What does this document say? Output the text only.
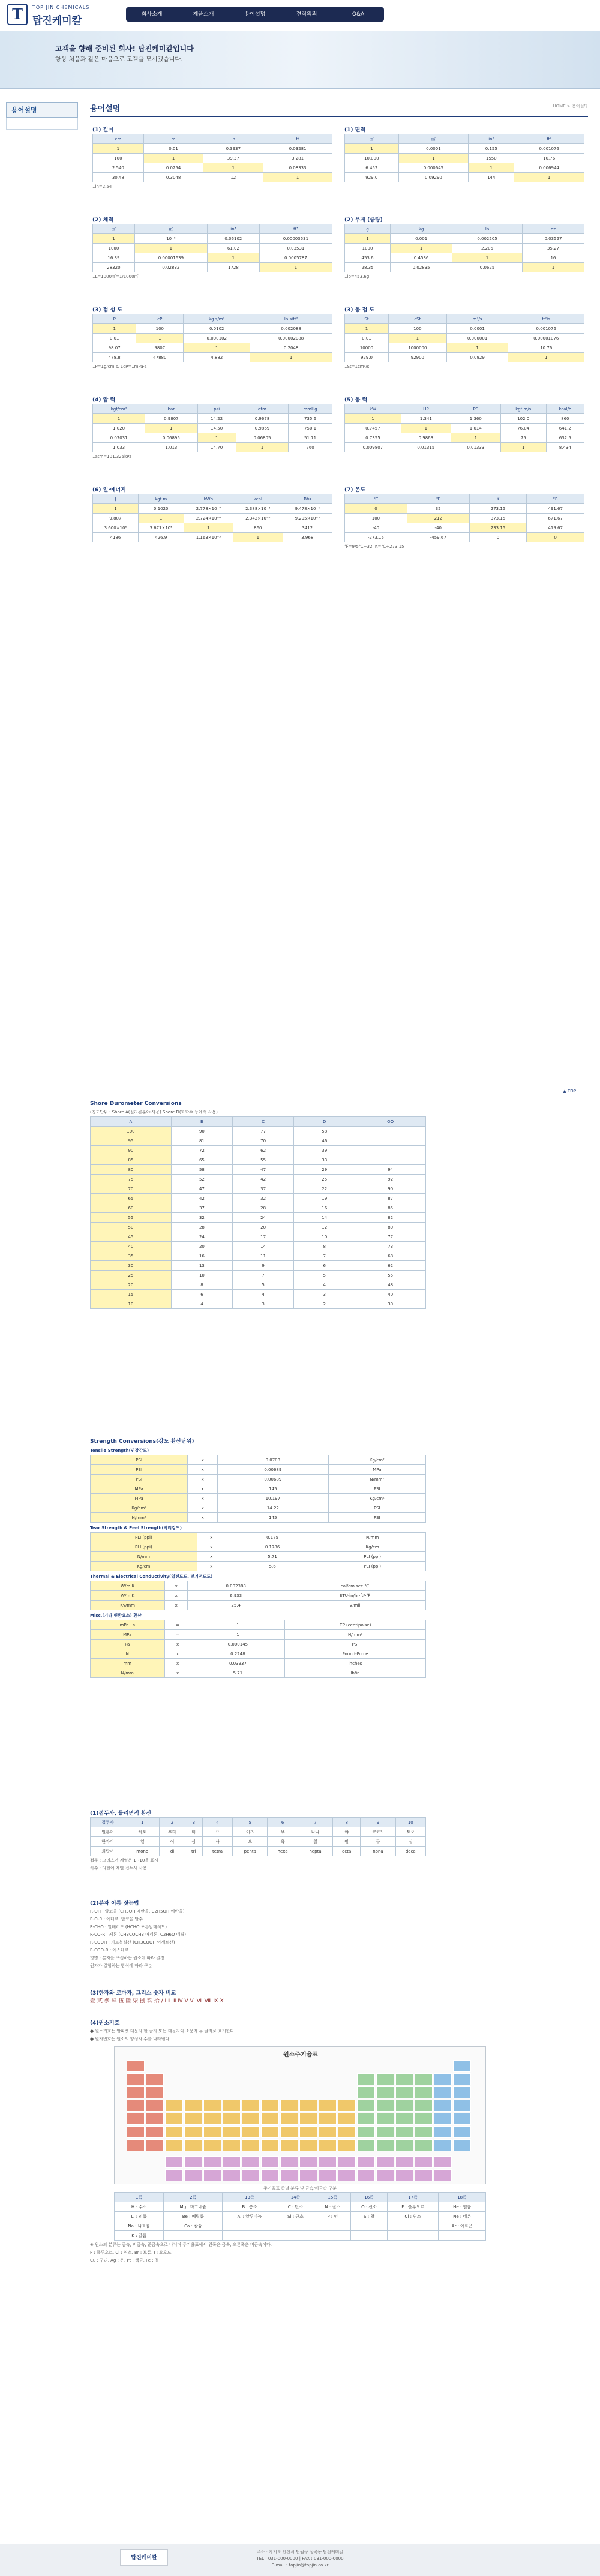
T	TOP JIN CHEMICALS
탑진케미칼
회사소개	제품소개	용어설명	견적의뢰	Q&A
고객을 향해 준비된 회사! 탑진케미칼입니다
항상 처음과 같은 마음으로 고객을 모시겠습니다.
용어설명	용어설명	HOME > 용어설명
(1) 길이
cm	m	in	ft
1	0.01	0.3937	0.03281
100	1	39.37	3.281
2.540	0.0254	1	0.08333
30.48	0.3048	12	1
1in=2.54
(1) 면적
㎠	㎡	in²	ft²
1	0.0001	0.155	0.001076
10,000	1	1550	10.76
6.452	0.000645	1	0.006944
929.0	0.09290	144	1
(2) 체적
㎤	㎥	in³	ft³
1	10⁻⁶	0.06102	0.00003531
1000	1	61.02	0.03531
16.39	0.00001639	1	0.0005787
28320	0.02832	1728	1
1L=1000㎤=1/1000㎥
(2) 무게 (중량)
g	kg	lb	oz
1	0.001	0.002205	0.03527
1000	1	2.205	35.27
453.6	0.4536	1	16
28.35	0.02835	0.0625	1
1lb=453.6g
(3) 점 성 도
P	cP	kg·s/m²	lb·s/ft²
1	100	0.0102	0.002088
0.01	1	0.000102	0.00002088
98.07	9807	1	0.2048
478.8	47880	4.882	1
1P=1g/cm·s, 1cP=1mPa·s
(3) 동 점 도
St	cSt	m²/s	ft²/s
1	100	0.0001	0.001076
0.01	1	0.000001	0.00001076
10000	1000000	1	10.76
929.0	92900	0.0929	1
1St=1cm²/s
(4) 압 력
kgf/cm²	bar	psi	atm	mmHg
1	0.9807	14.22	0.9678	735.6
1.020	1	14.50	0.9869	750.1
0.07031	0.06895	1	0.06805	51.71
1.033	1.013	14.70	1	760
1atm=101.325kPa
(5) 동 력
kW	HP	PS	kgf·m/s	kcal/h
1	1.341	1.360	102.0	860
0.7457	1	1.014	76.04	641.2
0.7355	0.9863	1	75	632.5
0.009807	0.01315	0.01333	1	8.434
(6) 일·에너지
J	kgf·m	kWh	kcal	Btu
1	0.1020	2.778×10⁻⁷	2.388×10⁻⁴	9.478×10⁻⁴
9.807	1	2.724×10⁻⁶	2.342×10⁻³	9.295×10⁻³
3.600×10⁶	3.671×10⁵	1	860	3412
4186	426.9	1.163×10⁻³	1	3.968
(7) 온도
℃	℉	K	°R
0	32	273.15	491.67
100	212	373.15	671.67
-40	-40	233.15	419.67
-273.15	-459.67	0	0
℉=9/5℃+32, K=℃+273.15
▲ TOP
Shore Durometer Conversions
(경도단위 : Shore A(실리콘분야 사용) Shore D(화학수 등에서 사용)
A	B	C	D	OO
100	90	77	58	
95	81	70	46	
90	72	62	39	
85	65	55	33	
80	58	47	29	94
75	52	42	25	92
70	47	37	22	90
65	42	32	19	87
60	37	28	16	85
55	32	24	14	82
50	28	20	12	80
45	24	17	10	77
40	20	14	8	73
35	16	11	7	68
30	13	9	6	62
25	10	7	5	55
20	8	5	4	48
15	6	4	3	40
10	4	3	2	30
Strength Conversions(강도 환산단위)
Tensile Strength(인장강도)
PSI	x	0.0703	Kg/cm²
PSI	x	0.00689	MPa
PSI	x	0.00689	N/mm²
MPa	x	145	PSI
MPa	x	10.197	Kg/cm²
Kg/cm²	x	14.22	PSI
N/mm²	x	145	PSI
Tear Strength & Peel Strength(박리강도)
PLI (ppi)	x	0.175	N/mm
PLI (ppi)	x	0.1786	Kg/cm
N/mm	x	5.71	PLI (ppi)
Kg/cm	x	5.6	PLI (ppi)
Thermal & Electrical Conductivity(열전도도, 전기전도도)
W/m·K	x	0.002388	cal/cm·sec·℃
W/m·K	x	6.933	BTU·in/hr·ft²·℉
Kv/mm	x	25.4	V/mil
Misc.(기타 변환요소) 환산
mPa · s	=	1	CP (centipoise)
MPa	=	1	N/mm²
Pa	x	0.000145	PSI
N	x	0.2248	Pound-Force
mm	x	0.03937	inches
N/mm	x	5.71	lb/in
(1)접두사, 물리면적 환산
접두사	1	2	3	4	5	6	7	8	9	10
일본어	히토	후타	미	요	이츠	무	나나	야	코코노	토오
한자어	일	이	삼	사	오	육	칠	팔	구	십
희랍어	mono	di	tri	tetra	penta	hexa	hepta	octa	nona	deca
접두 : 그리스어 계열은 1~10을 표시
차수 : 라틴어 계열 접두사 사용
(2)분자 이름 짓는법
R-OH : 알코올 (CH3OH 메탄올, C2H5OH 에탄올)
R-O-R : 에테르, 알코올 탈수
R-CHO : 알데히드 (HCHO 포름알데히드)
R-CO-R : 케톤 (CH3COCH3 아세톤, C2H6O 에틸)
R-COOH : 카르복실산 (CH3COOH 아세트산)
R-COO-R : 에스테르
명명 : 분자를 구성하는 원소에 따라 결정
원자가 결합하는 방식에 따라 구분
(3)한자와 로마자, 그리스 숫자 비교
壹 貳 參 肆 伍 陸 柒 捌 玖 拾 / Ⅰ Ⅱ Ⅲ Ⅳ Ⅴ Ⅵ Ⅶ Ⅷ Ⅸ Ⅹ
(4)원소기호
● 원소기호는 알파벳 대문자 한 글자 또는 대문자와 소문자 두 글자로 표기한다.
● 원자번호는 원소의 양성자 수를 나타낸다.
원소주기율표
주기율표 족별 분류 및 금속/비금속 구분
1족	2족	13족	14족	15족	16족	17족	18족
H : 수소	Mg : 마그네슘	B : 붕소	C : 탄소	N : 질소	O : 산소	F : 플루오르	He : 헬륨
Li : 리튬	Be : 베릴륨	Al : 알루미늄	Si : 규소	P : 인	S : 황	Cl : 염소	Ne : 네온
Na : 나트륨	Ca : 칼슘						Ar : 아르곤
K : 칼륨							
※ 원소의 분류는 금속, 비금속, 준금속으로 나뉘며 주기율표에서 왼쪽은 금속, 오른쪽은 비금속이다.
F : 플루오르, Cl : 염소, Br : 브롬, I : 요오드
Cu : 구리, Ag : 은, Pt : 백금, Fe : 철
탑진케미칼
주소 : 경기도 안산시 단원구 성곡동 탑진케미칼
TEL : 031-000-0000 | FAX : 031-000-0000
E-mail : topjin@topjin.co.kr
